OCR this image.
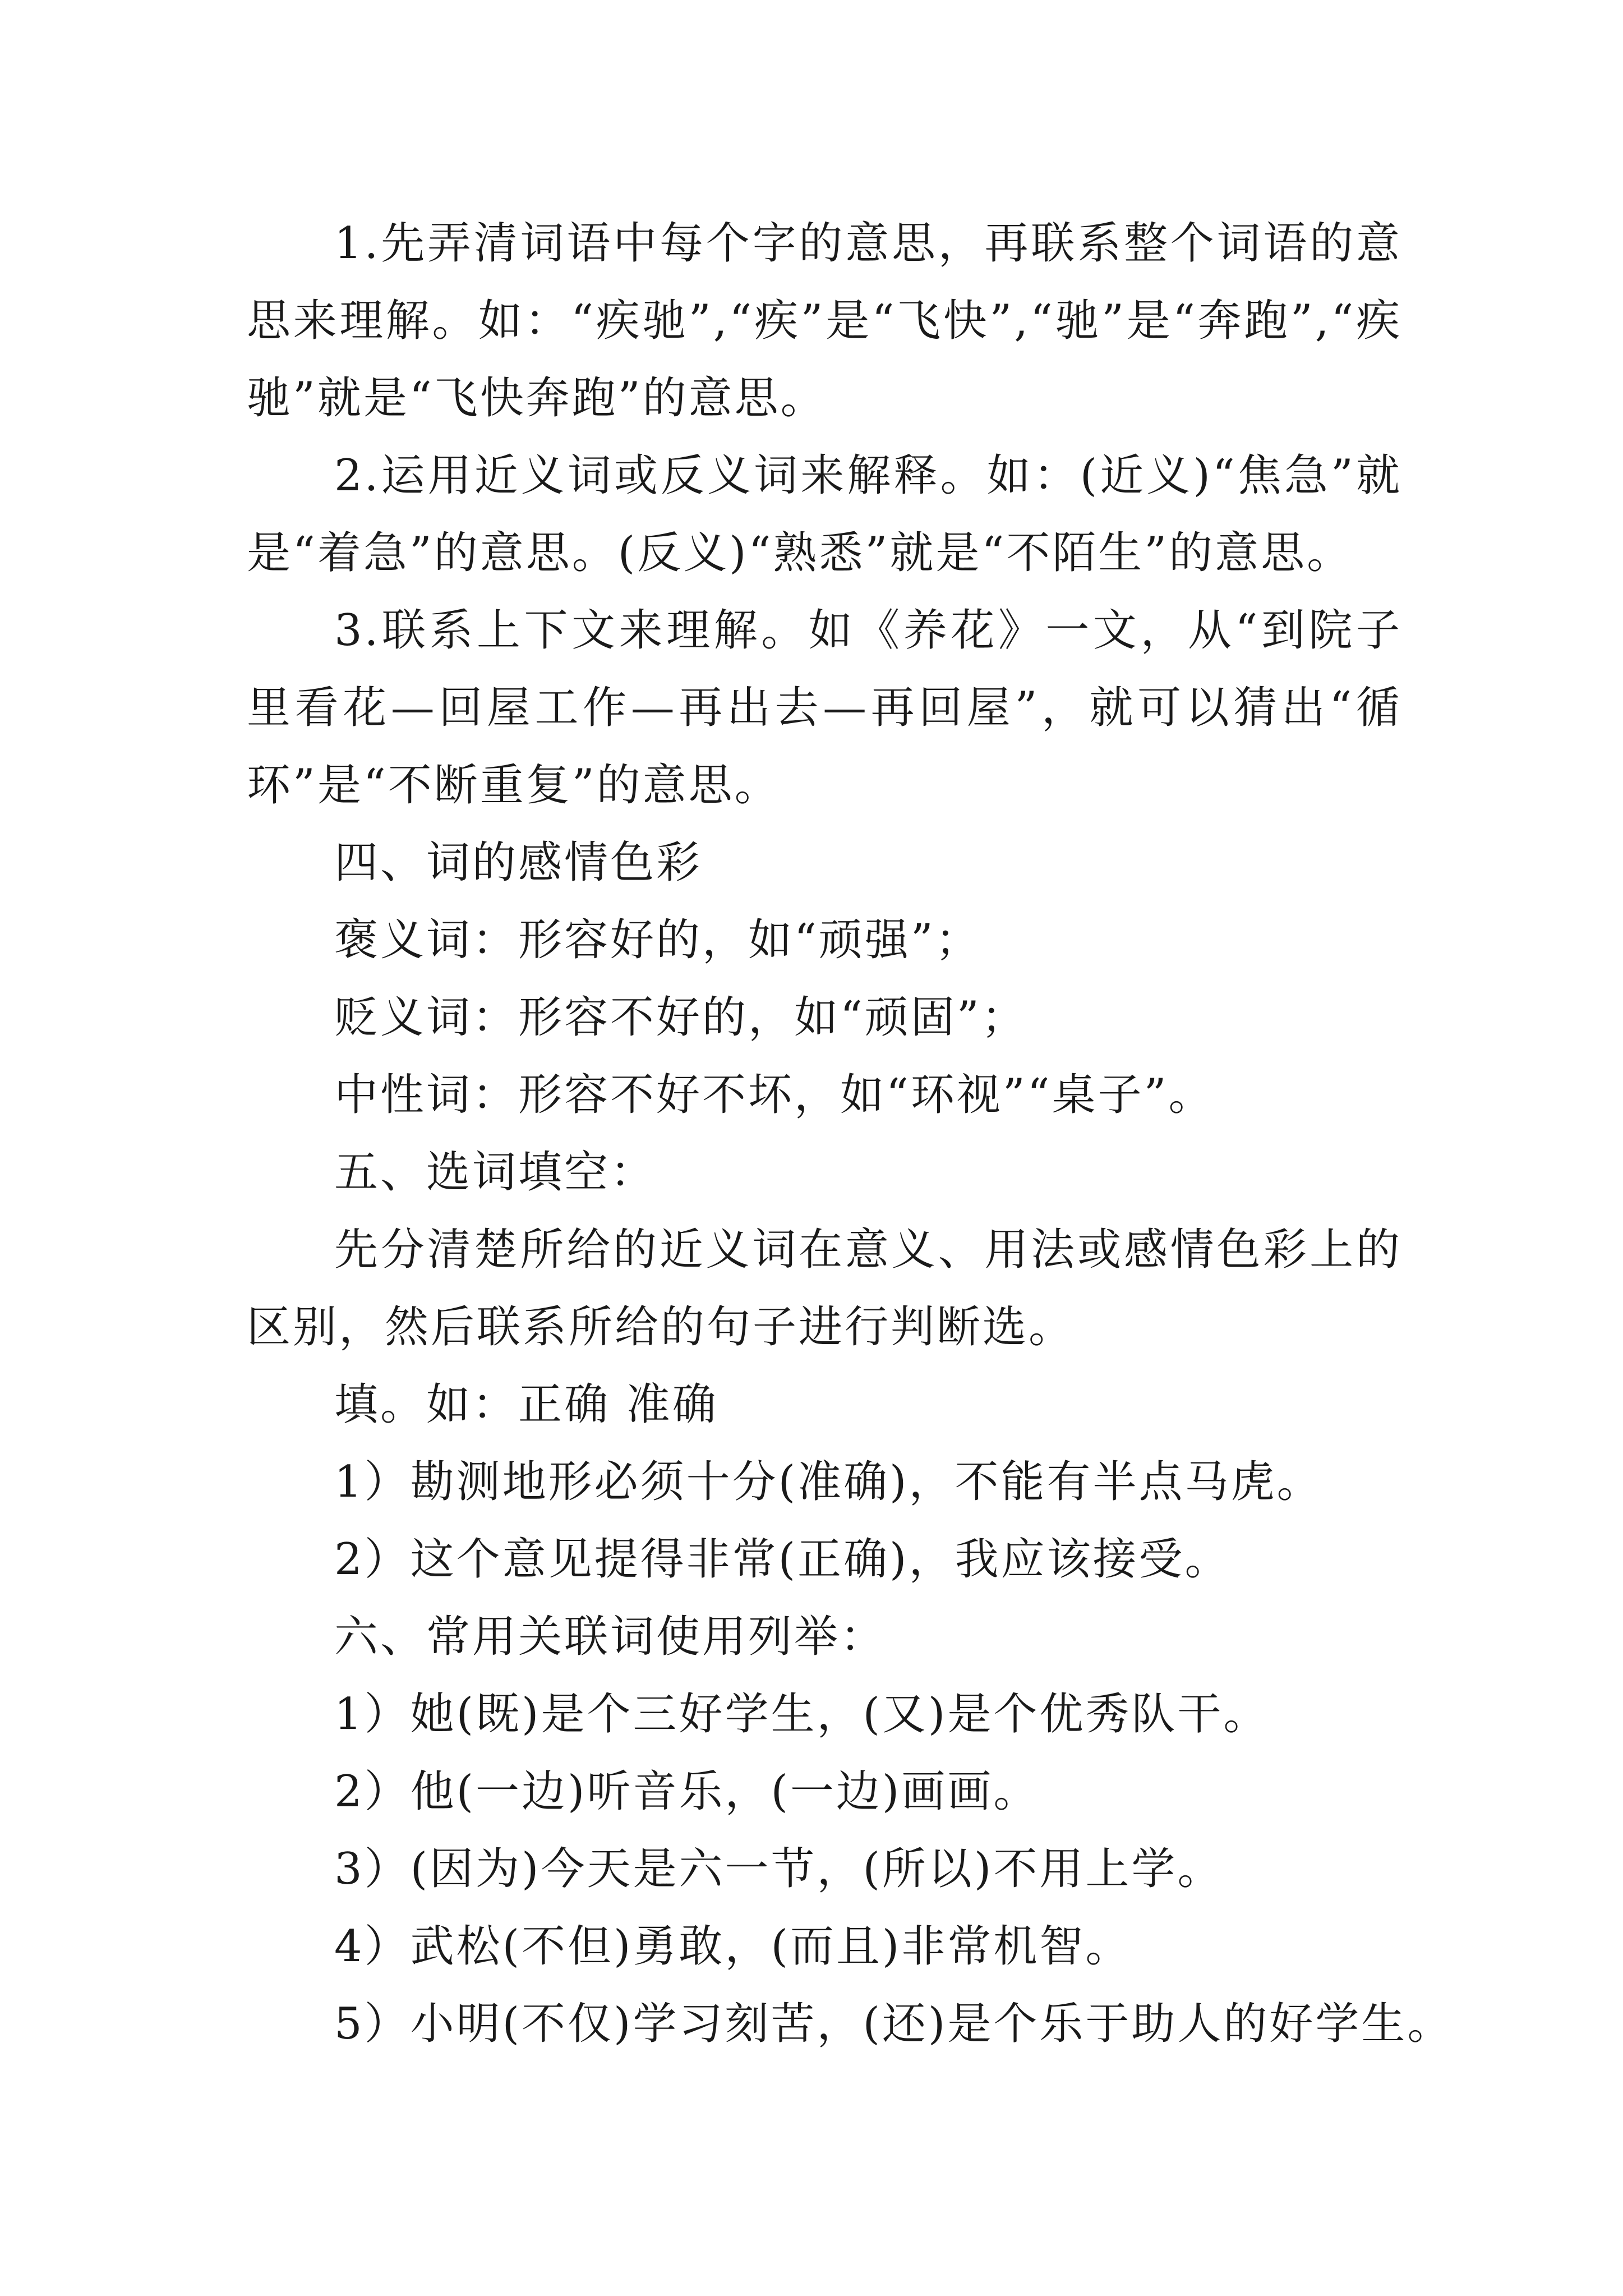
1.先弄清词语中每个字的意思，再联系整个词语的意思来理解。如：“疾驰”,“疾”是“飞快”,“驰”是“奔跑”,“疾驰”就是“飞快奔跑”的意思。

2.运用近义词或反义词来解释。如：(近义)“焦急”就是“着急”的意思。(反义)“熟悉”就是“不陌生”的意思。

3.联系上下文来理解。如《养花》一文，从“到院子里看花—回屋工作—再出去—再回屋”，就可以猜出“循环”是“不断重复”的意思。

四、词的感情色彩

褒义词：形容好的，如“顽强”；

贬义词：形容不好的，如“顽固”；

中性词：形容不好不坏，如“环视”“桌子”。

五、选词填空：

先分清楚所给的近义词在意义、用法或感情色彩上的区别，然后联系所给的句子进行判断选。

填。如：正确 准确

1）勘测地形必须十分(准确)，不能有半点马虎。

2）这个意见提得非常(正确)，我应该接受。

六、常用关联词使用列举：

1）她(既)是个三好学生，(又)是个优秀队干。

2）他(一边)听音乐，(一边)画画。

3）(因为)今天是六一节，(所以)不用上学。

4）武松(不但)勇敢，(而且)非常机智。

5）小明(不仅)学习刻苦，(还)是个乐于助人的好学生。
